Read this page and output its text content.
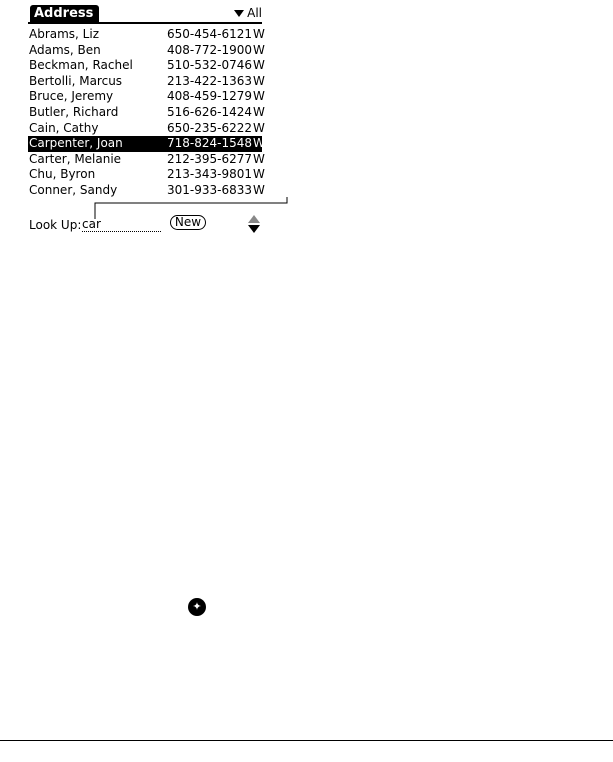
Address	All
Abrams, Liz	650-454-6121 W
Adams, Ben	408-772-1900 W
Beckman, Rachel	510-532-0746 W
Bertolli, Marcus	213-422-1363 W
Bruce, Jeremy	408-459-1279 W
Butler, Richard	516-626-1424 W
Cain, Cathy	650-235-6222 W
Carpenter, Joan	718-824-1548 W
Carter, Melanie	212-395-6277 W
Chu, Byron	213-343-9801 W
Conner, Sandy	301-933-6833 W
Look Up:
car	New
✦
